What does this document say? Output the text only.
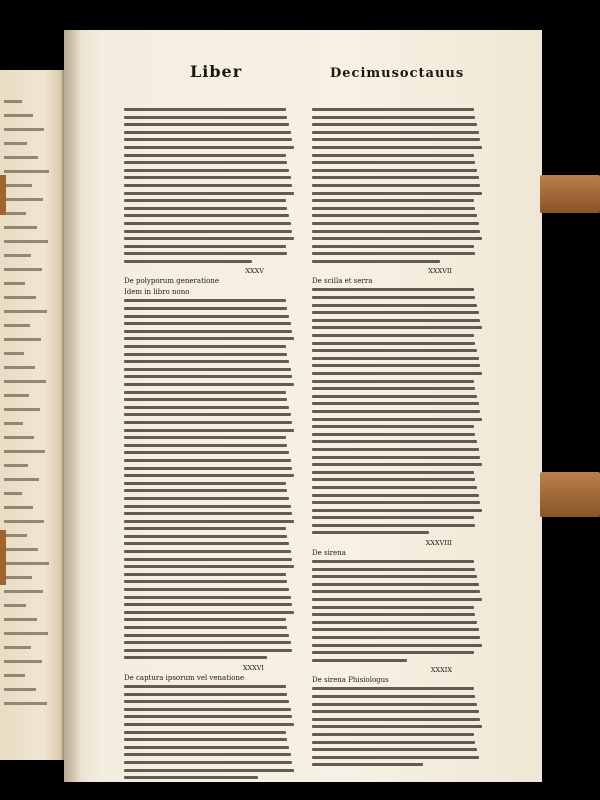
Liber	Decimusoctauus
XXXV
De polyporum generatione
Idem in libro nono
XXXVI
De captura ipsorum vel venatione
XXXVII
De scilla et serra
XXXVIII
De sirena
XXXIX
De sirena Phisiologus
